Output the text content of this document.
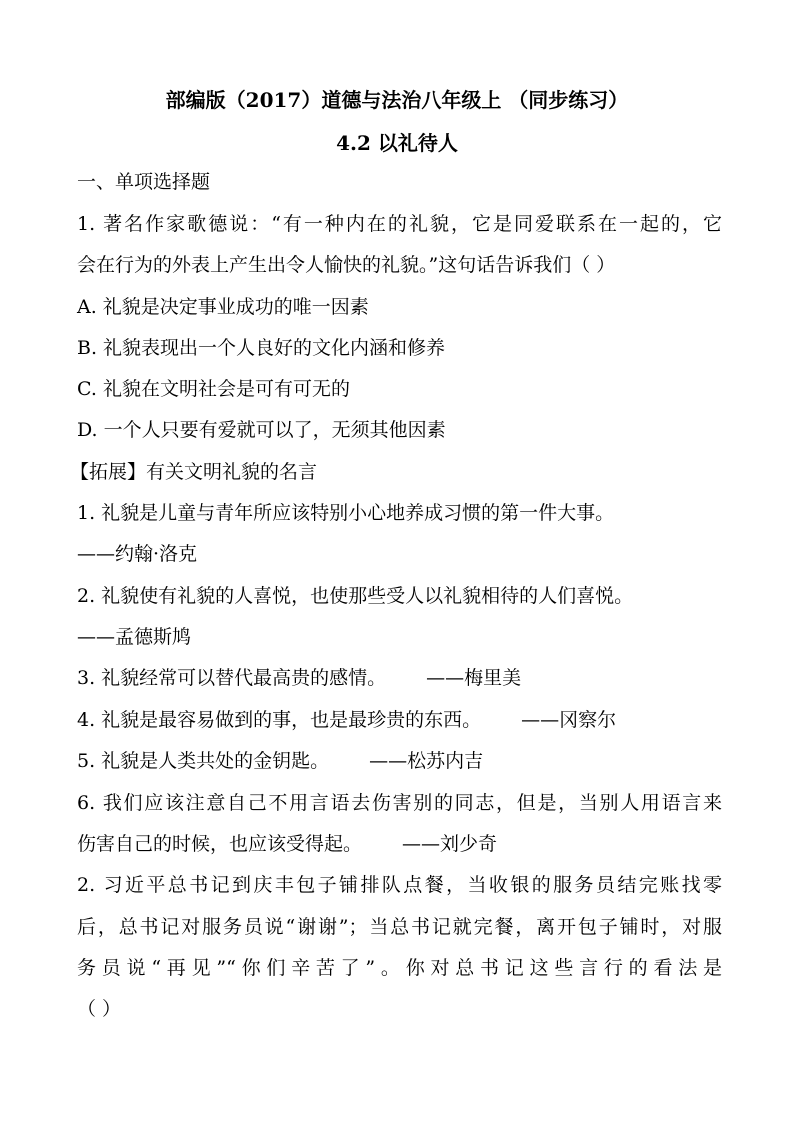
部编版（2017）道德与法治八年级上 （同步练习）
4.2 以礼待人
一、单项选择题
1. 著名作家歌德说：“有一种内在的礼貌，它是同爱联系在一起的，它
会在行为的外表上产生出令人愉快的礼貌。”这句话告诉我们（ ）
A. 礼貌是决定事业成功的唯一因素
B. 礼貌表现出一个人良好的文化内涵和修养
C. 礼貌在文明社会是可有可无的
D. 一个人只要有爱就可以了，无须其他因素
【拓展】有关文明礼貌的名言
1. 礼貌是儿童与青年所应该特别小心地养成习惯的第一件大事。
——约翰·洛克
2. 礼貌使有礼貌的人喜悦，也使那些受人以礼貌相待的人们喜悦。
——孟德斯鸠
3. 礼貌经常可以替代最高贵的感情。 ——梅里美
4. 礼貌是最容易做到的事，也是最珍贵的东西。 ——冈察尔
5. 礼貌是人类共处的金钥匙。 ——松苏内吉
6. 我们应该注意自己不用言语去伤害别的同志，但是，当别人用语言来
伤害自己的时候，也应该受得起。 ——刘少奇
2. 习近平总书记到庆丰包子铺排队点餐，当收银的服务员结完账找零
后，总书记对服务员说“谢谢”；当总书记就完餐，离开包子铺时，对服
务员说“再见”“你们辛苦了”。你对总书记这些言行的看法是
（ ）
